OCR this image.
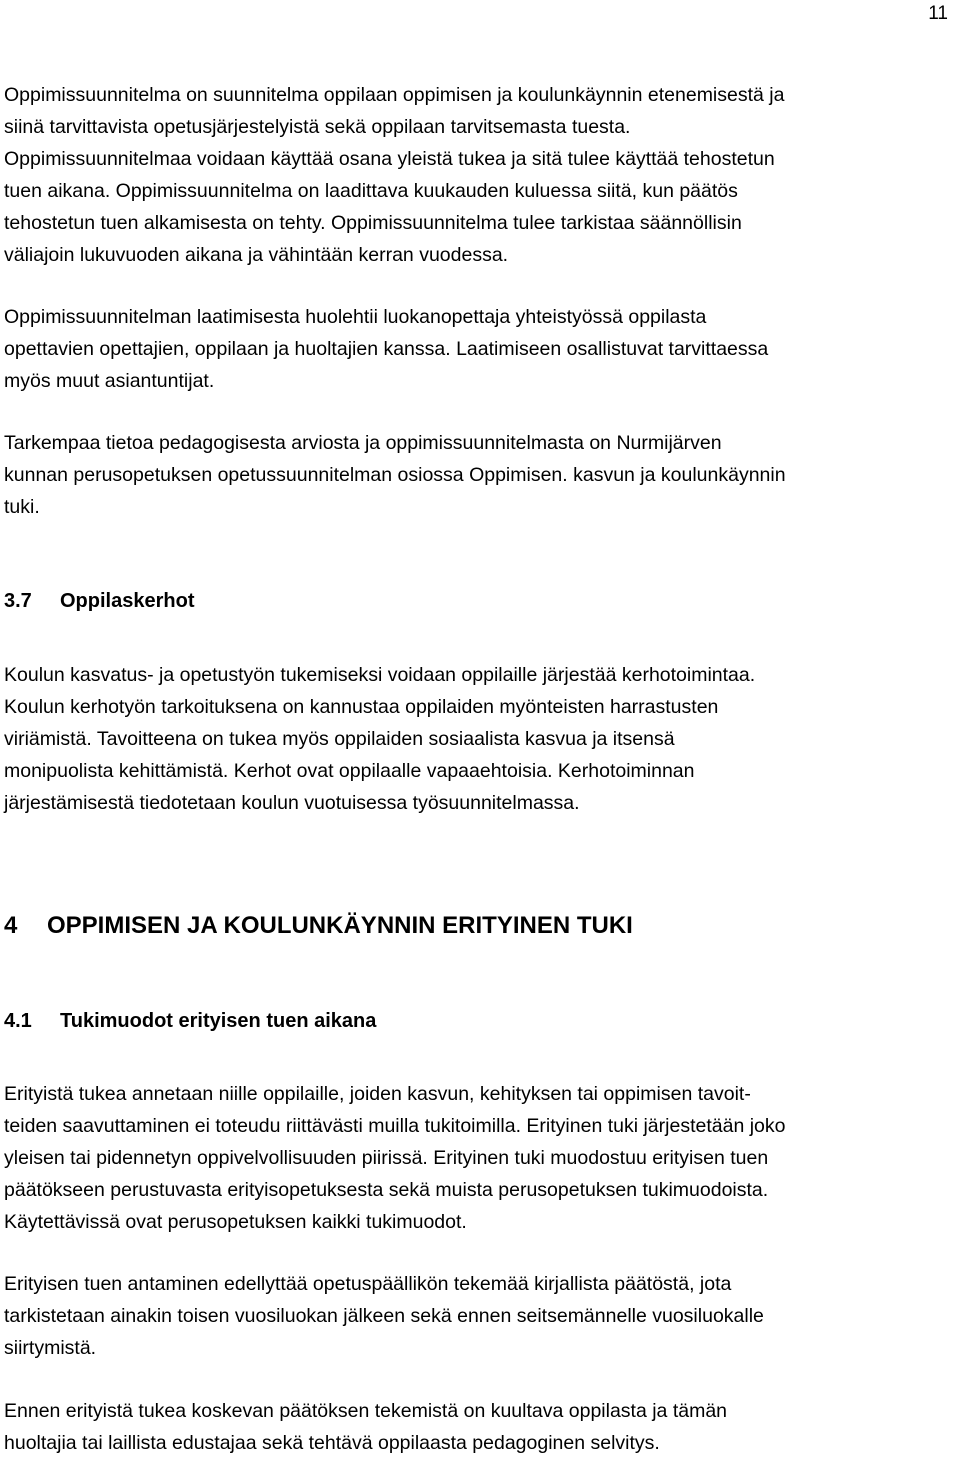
11
Oppimissuunnitelma on suunnitelma oppilaan oppimisen ja koulunkäynnin etenemisestä ja
siinä tarvittavista opetusjärjestelyistä sekä oppilaan tarvitsemasta tuesta.
Oppimissuunnitelmaa voidaan käyttää osana yleistä tukea ja sitä tulee käyttää tehostetun
tuen aikana. Oppimissuunnitelma on laadittava kuukauden kuluessa siitä, kun päätös
tehostetun tuen alkamisesta on tehty. Oppimissuunnitelma tulee tarkistaa säännöllisin
väliajoin lukuvuoden aikana ja vähintään kerran vuodessa.
Oppimissuunnitelman laatimisesta huolehtii luokanopettaja yhteistyössä oppilasta
opettavien opettajien, oppilaan ja huoltajien kanssa. Laatimiseen osallistuvat tarvittaessa
myös muut asiantuntijat.
Tarkempaa tietoa pedagogisesta arviosta ja oppimissuunnitelmasta on Nurmijärven
kunnan perusopetuksen opetussuunnitelman osiossa Oppimisen. kasvun ja koulunkäynnin
tuki.
3.7 Oppilaskerhot
Koulun kasvatus- ja opetustyön tukemiseksi voidaan oppilaille järjestää kerhotoimintaa.
Koulun kerhotyön tarkoituksena on kannustaa oppilaiden myönteisten harrastusten
viriämistä. Tavoitteena on tukea myös oppilaiden sosiaalista kasvua ja itsensä
monipuolista kehittämistä. Kerhot ovat oppilaalle vapaaehtoisia. Kerhotoiminnan
järjestämisestä tiedotetaan koulun vuotuisessa työsuunnitelmassa.
4 OPPIMISEN JA KOULUNKÄYNNIN ERITYINEN TUKI
4.1 Tukimuodot erityisen tuen aikana
Erityistä tukea annetaan niille oppilaille, joiden kasvun, kehityksen tai oppimisen tavoit-
teiden saavuttaminen ei toteudu riittävästi muilla tukitoimilla. Erityinen tuki järjestetään joko
yleisen tai pidennetyn oppivelvollisuuden piirissä. Erityinen tuki muodostuu erityisen tuen
päätökseen perustuvasta erityisopetuksesta sekä muista perusopetuksen tukimuodoista.
Käytettävissä ovat perusopetuksen kaikki tukimuodot.
Erityisen tuen antaminen edellyttää opetuspäällikön tekemää kirjallista päätöstä, jota
tarkistetaan ainakin toisen vuosiluokan jälkeen sekä ennen seitsemännelle vuosiluokalle
siirtymistä.
Ennen erityistä tukea koskevan päätöksen tekemistä on kuultava oppilasta ja tämän
huoltajia tai laillista edustajaa sekä tehtävä oppilaasta pedagoginen selvitys.
